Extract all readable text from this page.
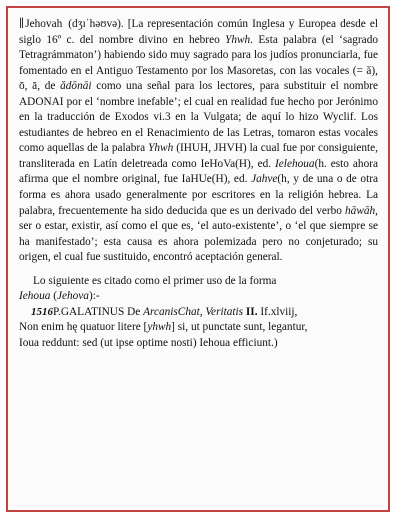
∥Jehovah (dʒɪˈhəʊvə). [La representación común Inglesa y Europea desde el siglo 16º c. del nombre divino en hebreo Yhwh. Esta palabra (el ‘sagrado Tetragrámmaton’) habiendo sido muy sagrado para los judíos pronunciarla, fue fomentado en el Antiguo Testamento por los Masoretas, con las vocales (= ă), ō, ā, de ădōnāi como una señal para los lectores, para substituir el nombre ADONAI por el ‘nombre inefable’; el cual en realidad fue hecho por Jerónimo en la traducción de Exodos vi.3 en la Vulgata; de aquí lo hizo Wyclif. Los estudiantes de hebreo en el Renacimiento de las Letras, tomaron estas vocales como aquellas de la palabra Yhwh (IHUH, JHVH) la cual fue por consiguiente, transliterada en Latín deletreada como IeHoVa(H), ed. Ielehoua(h. esto ahora afirma que el nombre original, fue IaHUe(H), ed. Jahve(h, y de una o de otra forma es ahora usado generalmente por escritores en la religión hebrea. La palabra, frecuentemente ha sido deducida que es un derivado del verbo hāwāh, ser o estar, existir, así como el que es, ‘el auto-existente’, o ‘el que siempre se ha manifestado’; esta causa es ahora polemizada pero no conjeturado; su origen, el cual fue sustituido, encontró aceptación general.

Lo siguiente es citado como el primer uso de la forma

Iehoua (Jehova):-

1516P.GALATINUS De ArcanisChat, Veritatis II. If.xlviij,

Non enim hę quatuor litere [yhwh] si, ut punctate sunt, legantur,

Ioua reddunt: sed (ut ipse optime nosti) Iehoua efficiunt.)
